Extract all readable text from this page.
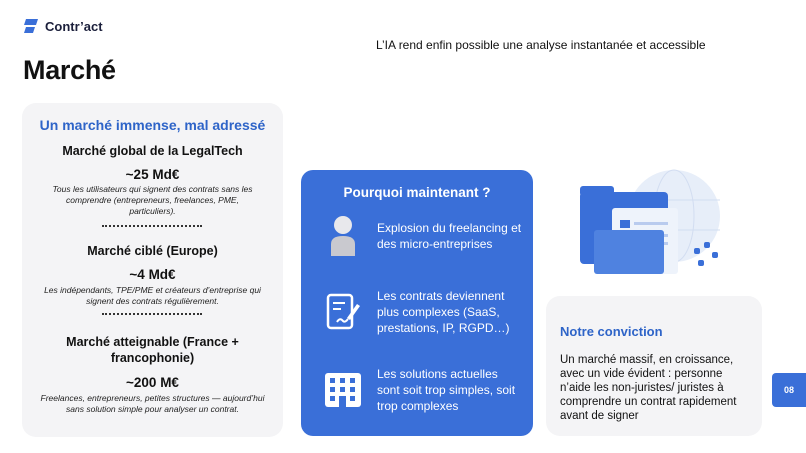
Contr’act
L’IA rend enfin possible une analyse instantanée et accessible
Marché
Un marché immense, mal adressé
Marché global de la LegalTech
~25 Md€
Tous les utilisateurs qui signent des contrats sans les comprendre (entrepreneurs, freelances, PME, particuliers).
Marché ciblé (Europe)
~4 Md€
Les indépendants, TPE/PME et créateurs d’entreprise qui signent des contrats régulièrement.
Marché atteignable (France + francophonie)
~200 M€
Freelances, entrepreneurs, petites structures — aujourd’hui sans solution simple pour analyser un contrat.
Pourquoi maintenant ?
Explosion du freelancing et des micro-entreprises
Les contrats deviennent plus complexes (SaaS, prestations, IP, RGPD…)
Les solutions actuelles sont soit trop simples, soit trop complexes
Notre conviction
Un marché massif, en croissance, avec un vide évident : personne n’aide les non-juristes/ juristes à comprendre un contrat rapidement avant de signer
08
